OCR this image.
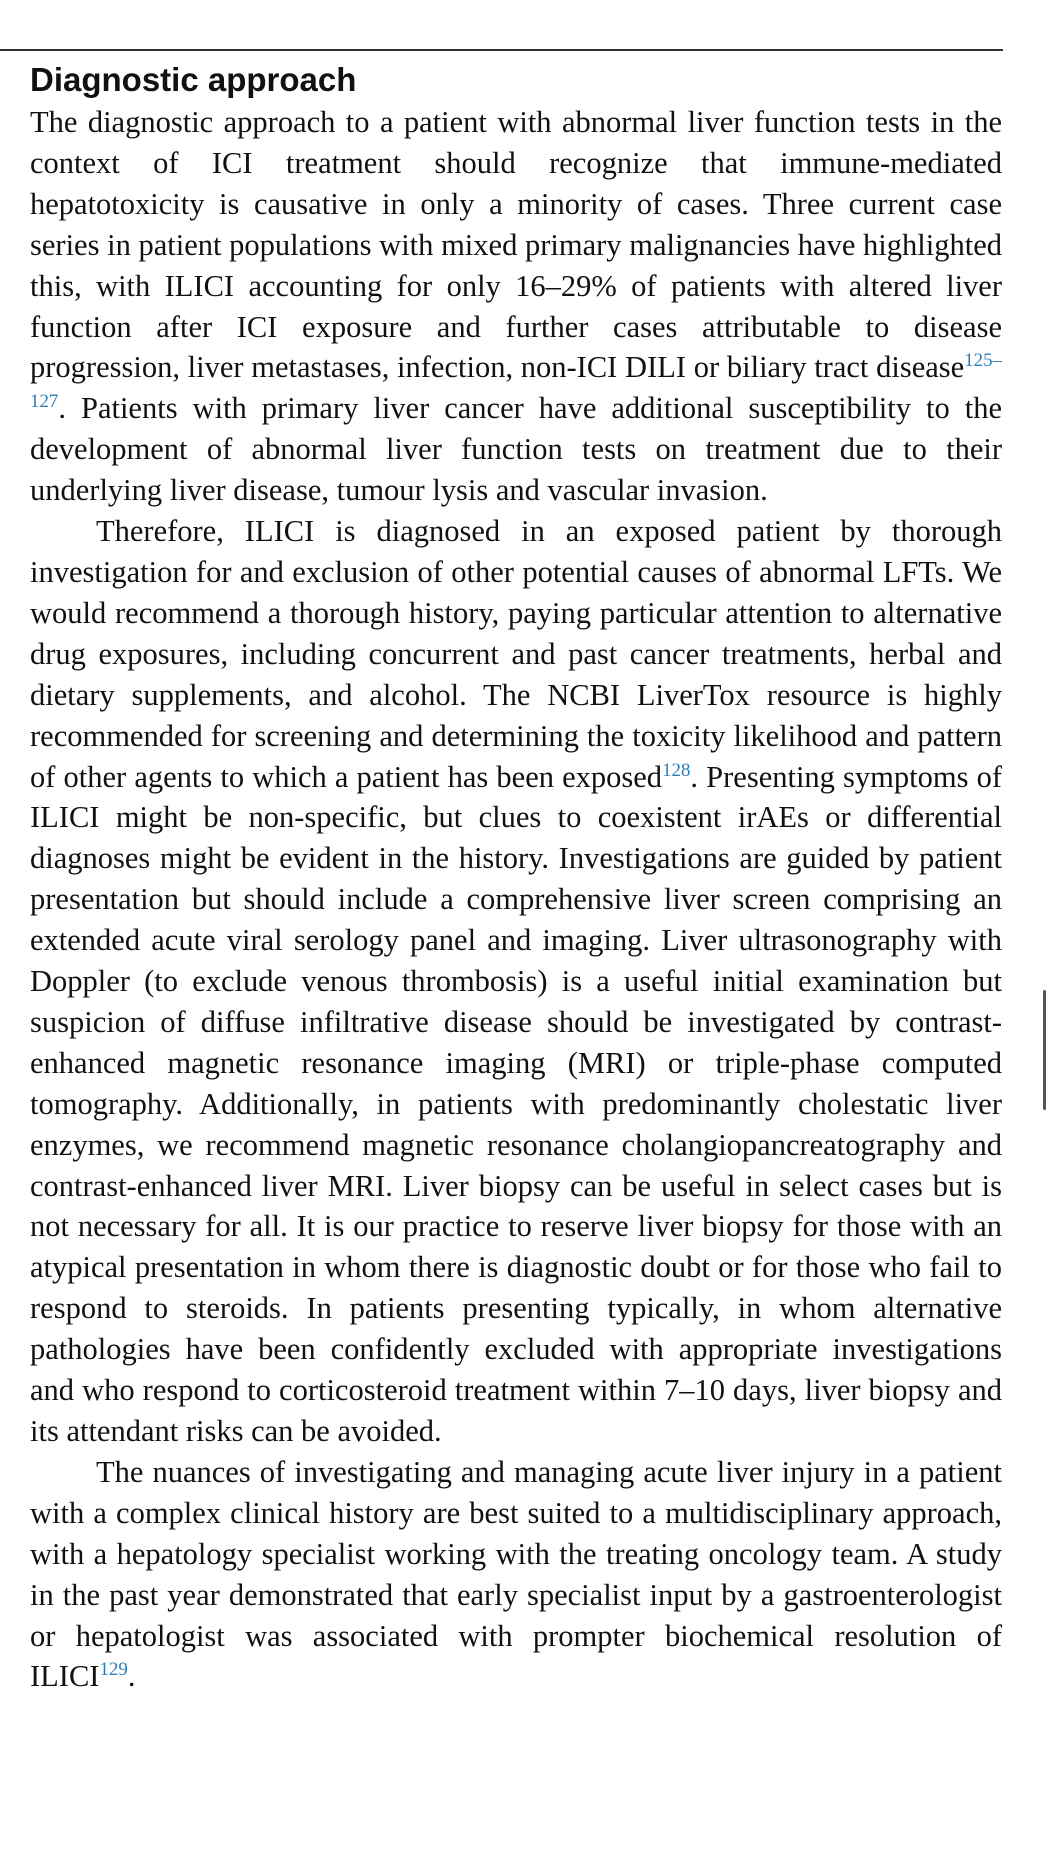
Diagnostic approach

The diagnostic approach to a patient with abnormal liver function tests in the context of ICI treatment should recognize that immune-mediated hepatotoxicity is causative in only a minority of cases. Three current case series in patient populations with mixed primary malignancies have highlighted this, with ILICI accounting for only 16–29% of patients with altered liver function after ICI exposure and further cases attributable to disease progression, liver metastases, infection, non-ICI DILI or biliary tract disease$^{125-127}$. Patients with primary liver cancer have additional susceptibility to the development of abnormal liver function tests on treatment due to their underlying liver disease, tumour lysis and vascular invasion.

Therefore, ILICI is diagnosed in an exposed patient by thorough investigation for and exclusion of other potential causes of abnormal LFTs. We would recommend a thorough history, paying particular attention to alternative drug exposures, including concurrent and past cancer treatments, herbal and dietary supplements, and alcohol. The NCBI LiverTox resource is highly recommended for screening and determining the toxicity likelihood and pattern of other agents to which a patient has been exposed$^{128}$. Presenting symptoms of ILICI might be non-specific, but clues to coexistent irAEs or differential diagnoses might be evident in the history. Investigations are guided by patient presentation but should include a comprehensive liver screen comprising an extended acute viral serology panel and imaging. Liver ultrasonography with Doppler (to exclude venous thrombosis) is a useful initial examination but suspicion of diffuse infiltrative disease should be investigated by contrast-enhanced magnetic resonance imaging (MRI) or triple-phase computed tomography. Additionally, in patients with predominantly cholestatic liver enzymes, we recommend magnetic resonance cholangiopancreatography and contrast-enhanced liver MRI. Liver biopsy can be useful in select cases but is not necessary for all. It is our practice to reserve liver biopsy for those with an atypical presentation in whom there is diagnostic doubt or for those who fail to respond to steroids. In patients presenting typically, in whom alternative pathologies have been confidently excluded with appropriate investigations and who respond to corticosteroid treatment within 7–10 days, liver biopsy and its attendant risks can be avoided.

The nuances of investigating and managing acute liver injury in a patient with a complex clinical history are best suited to a multidisciplinary approach, with a hepatology specialist working with the treating oncology team. A study in the past year demonstrated that early specialist input by a gastroenterologist or hepatologist was associated with prompter biochemical resolution of ILICI$^{129}$.
